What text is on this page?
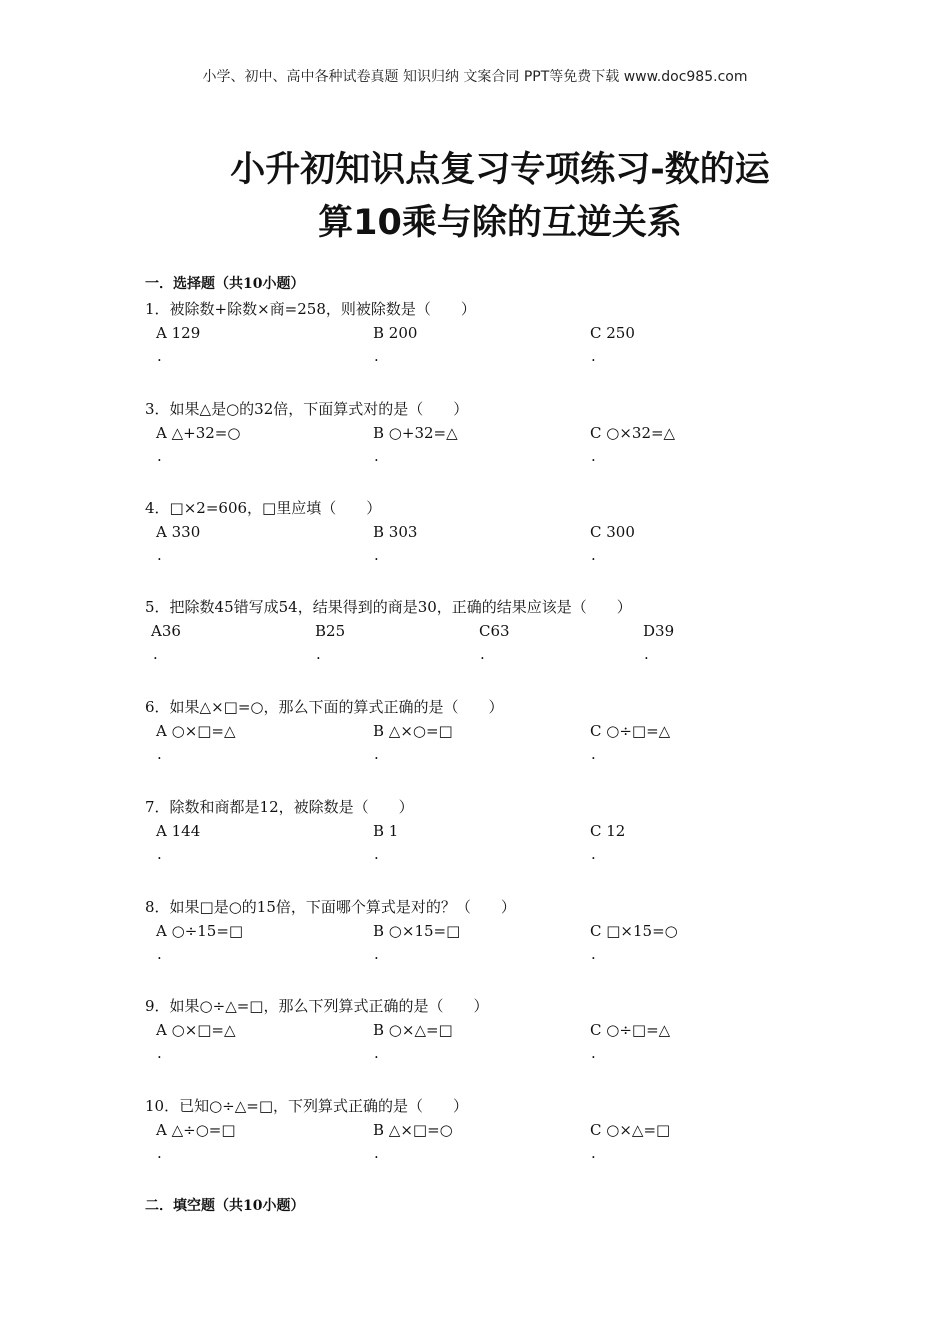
小学、初中、高中各种试卷真题 知识归纳 文案合同 PPT等免费下载 www.doc985.com
小升初知识点复习专项练习-数的运
算10乘与除的互逆关系
一．选择题（共10小题）
1．被除数+除数×商=258，则被除数是（　　）
A 129	B 200	C 250
.	.	.
3．如果△是○的32倍，下面算式对的是（　　）
A △+32=○	B ○+32=△	C ○×32=△
.	.	.
4．□×2=606，□里应填（　　）
A 330	B 303	C 300
.	.	.
5．把除数45错写成54，结果得到的商是30，正确的结果应该是（　　）
A36	B25	C63	D39
.	.	.	.
6．如果△×□=○，那么下面的算式正确的是（　　）
A ○×□=△	B △×○=□	C ○÷□=△
.	.	.
7．除数和商都是12，被除数是（　　）
A 144	B 1	C 12
.	.	.
8．如果□是○的15倍，下面哪个算式是对的？（　　）
A ○÷15=□	B ○×15=□	C □×15=○
.	.	.
9．如果○÷△=□，那么下列算式正确的是（　　）
A ○×□=△	B ○×△=□	C ○÷□=△
.	.	.
10．已知○÷△=□，下列算式正确的是（　　）
A △÷○=□	B △×□=○	C ○×△=□
.	.	.
二．填空题（共10小题）
